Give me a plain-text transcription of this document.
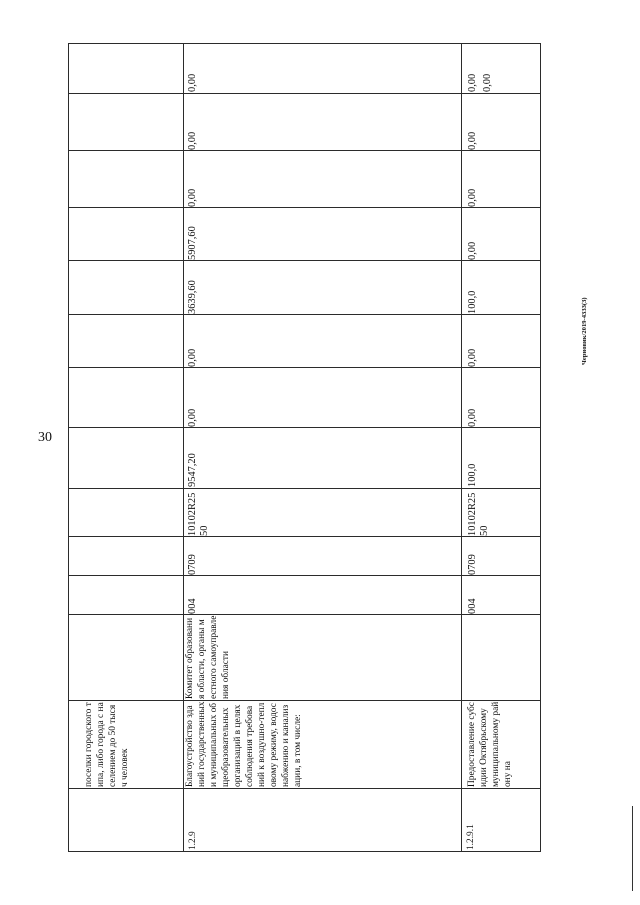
30
Черновик/2019-4333(3)
поселки городского типа, либо города с населением до 50 тысяч человек
0,00
1.2.9
Благоустройство зданий государственных и муниципальных общеобразовательных организаций в целях соблюдения требований к воздушно-тепловому режиму, водоснабжению и канализации, в том числе:
Комитет образования области, органы местного самоуправления области
004
0709
10102R2550
9547,20
0,00
0,00
3639,60
5907,60
0,00
0,00
0,00
1.2.9.1
Предоставление субсидии Октябрьскому муниципальному району на
004
0709
10102R2550
100,0
0,00
0,00
100,0
0,00
0,00
0,00
0,00
